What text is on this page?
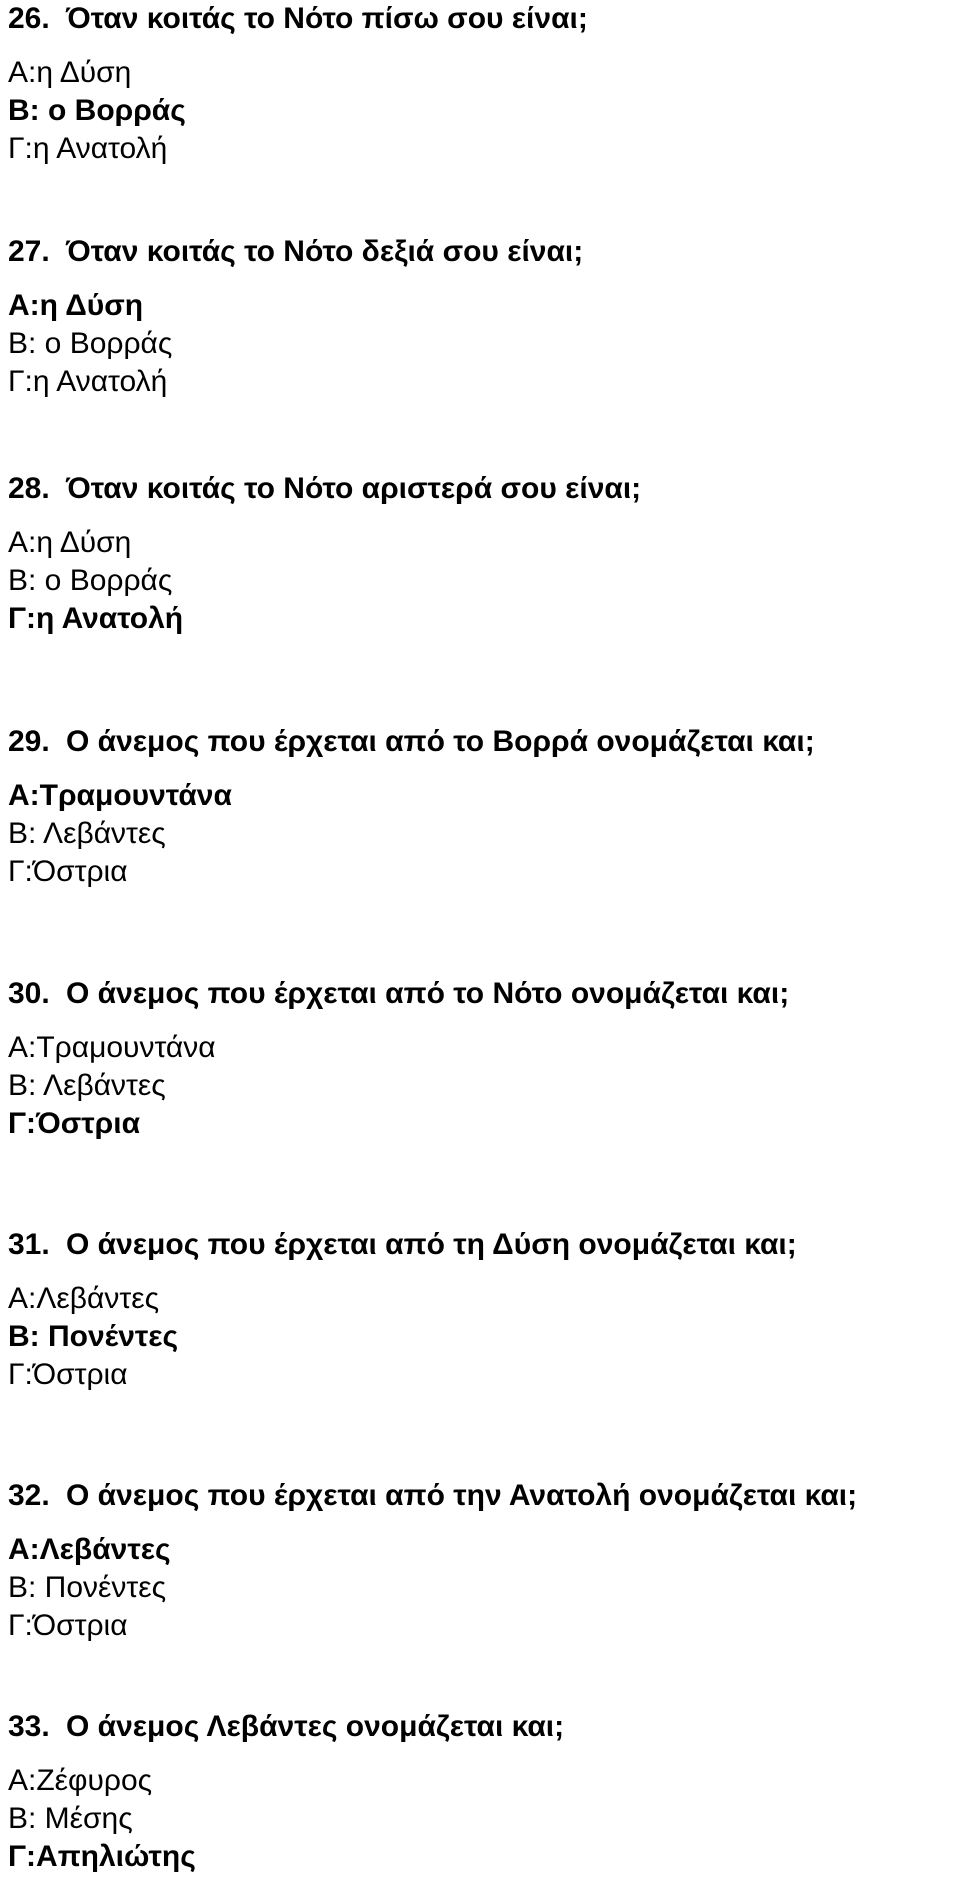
26. Όταν κοιτάς το Νότο πίσω σου είναι;
Α:η Δύση
Β: ο Βορράς
Γ:η Ανατολή
27. Όταν κοιτάς το Νότο δεξιά σου είναι;
Α:η Δύση
Β: ο Βορράς
Γ:η Ανατολή
28. Όταν κοιτάς το Νότο αριστερά σου είναι;
Α:η Δύση
Β: ο Βορράς
Γ:η Ανατολή
29. Ο άνεμος που έρχεται από το Βορρά ονομάζεται και;
Α:Τραμουντάνα
Β: Λεβάντες
Γ:Όστρια
30. Ο άνεμος που έρχεται από το Νότο ονομάζεται και;
Α:Τραμουντάνα
Β: Λεβάντες
Γ:Όστρια
31. Ο άνεμος που έρχεται από τη Δύση ονομάζεται και;
Α:Λεβάντες
Β: Πονέντες
Γ:Όστρια
32. Ο άνεμος που έρχεται από την Ανατολή ονομάζεται και;
Α:Λεβάντες
Β: Πονέντες
Γ:Όστρια
33. Ο άνεμος Λεβάντες ονομάζεται και;
Α:Ζέφυρος
Β: Μέσης
Γ:Απηλιώτης
